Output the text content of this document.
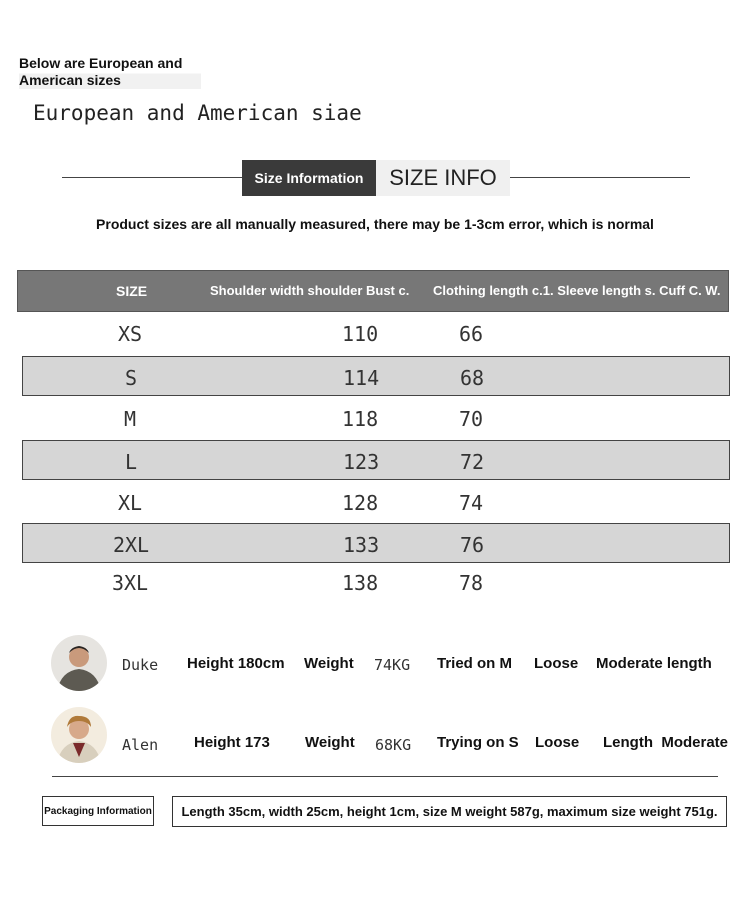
Below are European and American sizes
European and American siae
Size Information	SIZE INFO
Product sizes are all manually measured, there may be 1-3cm error, which is normal
SIZE	Shoulder width shoulder Bust c. Clothing length c.1. Sleeve length s. Cuff C. W.
XS	110	66
S	114	68
M	118	70
L	123	72
XL	128	74
2XL	133	76
3XL	138	78
Duke Height 180cm Weight 74KG Tried on M Loose Moderate length
Alen Height 173 Weight 68KG Trying on S Loose Length  Moderate
Packaging Information	Length 35cm, width 25cm, height 1cm, size M weight 587g, maximum size weight 751g.
